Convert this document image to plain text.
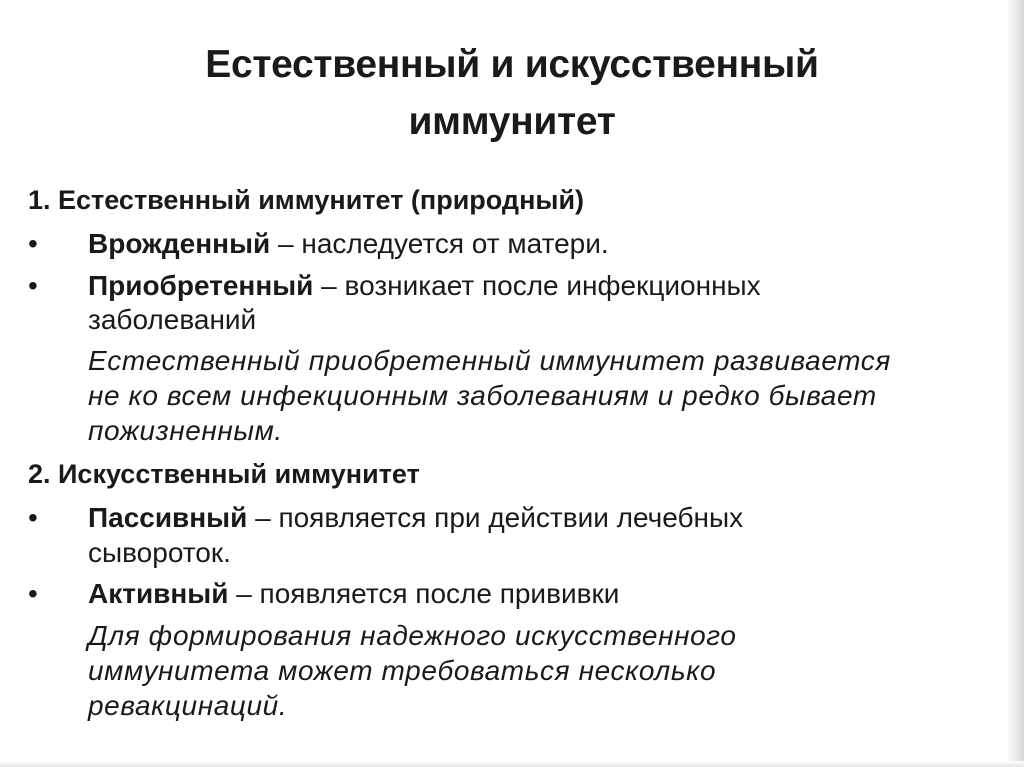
Естественный и искусственный
иммунитет
1. Естественный иммунитет (природный)
•	Врожденный – наследуется от матери.
•	Приобретенный – возникает после инфекционных
заболеваний
Естественный приобретенный иммунитет развивается
не ко всем инфекционным заболеваниям и редко бывает
пожизненным.
2. Искусственный иммунитет
•	Пассивный – появляется при действии лечебных
сывороток.
•	Активный – появляется после прививки
Для формирования надежного искусственного
иммунитета может требоваться несколько
ревакцинаций.
